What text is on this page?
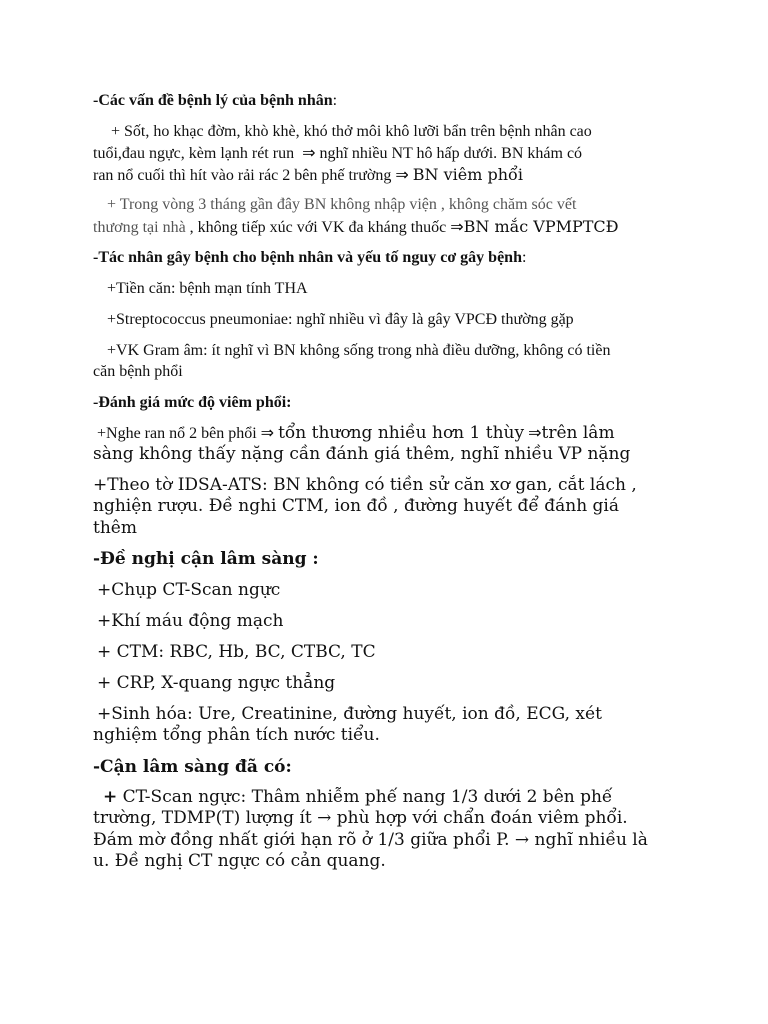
-Các vấn đề bệnh lý của bệnh nhân:
+ Sốt, ho khạc đờm, khò khè, khó thở môi khô lưỡi bẩn trên bệnh nhân cao
tuổi,đau ngực, kèm lạnh rét run ⇒ nghĩ nhiều NT hô hấp dưới. BN khám có
ran nổ cuối thì hít vào rải rác 2 bên phế trường ⇒ BN viêm phổi
+ Trong vòng 3 tháng gần đây BN không nhập viện , không chăm sóc vết
thương tại nhà , không tiếp xúc với VK đa kháng thuốc ⇒BN mắc VPMPTCĐ
-Tác nhân gây bệnh cho bệnh nhân và yếu tố nguy cơ gây bệnh:
+Tiền căn: bệnh mạn tính THA
+Streptococcus pneumoniae: nghĩ nhiều vì đây là gây VPCĐ thường gặp
+VK Gram âm: ít nghĩ vì BN không sống trong nhà điều dưỡng, không có tiền
căn bệnh phổi
-Đánh giá mức độ viêm phổi:
+Nghe ran nổ 2 bên phổi ⇒ tổn thương nhiều hơn 1 thùy ⇒trên lâm
sàng không thấy nặng cần đánh giá thêm, nghĩ nhiều VP nặng
+Theo tờ IDSA-ATS: BN không có tiền sử căn xơ gan, cắt lách ,
nghiện rượu. Đề nghi CTM, ion đồ , đường huyết để đánh giá
thêm
-Đề nghị cận lâm sàng :
+Chụp CT-Scan ngực
+Khí máu động mạch
+ CTM: RBC, Hb, BC, CTBC, TC
+ CRP, X-quang ngực thẳng
+Sinh hóa: Ure, Creatinine, đường huyết, ion đồ, ECG, xét
nghiệm tổng phân tích nước tiểu.
-Cận lâm sàng đã có:
+ CT-Scan ngực: Thâm nhiễm phế nang 1/3 dưới 2 bên phế
trường, TDMP(T) lượng ít → phù hợp với chẩn đoán viêm phổi.
Đám mờ đồng nhất giới hạn rõ ở 1/3 giữa phổi P. → nghĩ nhiều là
u. Đề nghị CT ngực có cản quang.
